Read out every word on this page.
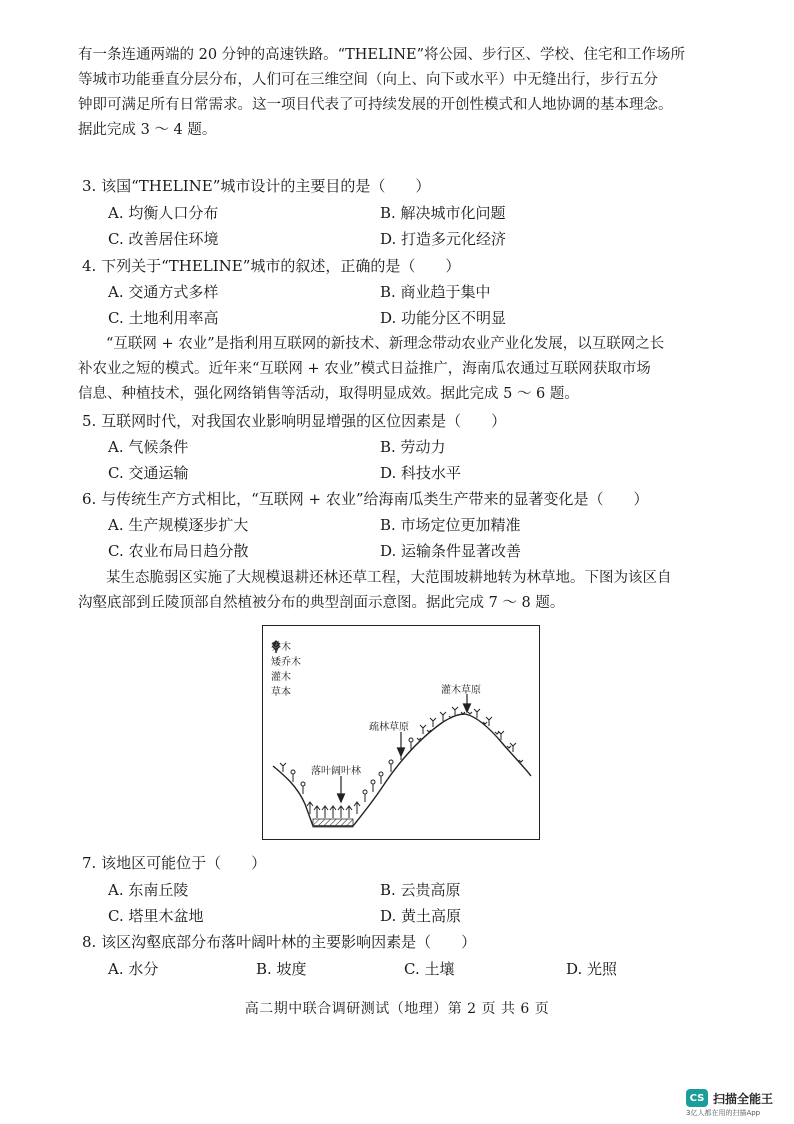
有一条连通两端的 20 分钟的高速铁路。“THELINE”将公园、步行区、学校、住宅和工作场所
等城市功能垂直分层分布，人们可在三维空间（向上、向下或水平）中无缝出行，步行五分
钟即可满足所有日常需求。这一项目代表了可持续发展的开创性模式和人地协调的基本理念。
据此完成 3 ～ 4 题。
3. 该国“THELINE”城市设计的主要目的是（　　）
A. 均衡人口分布	B. 解决城市化问题
C. 改善居住环境	D. 打造多元化经济
4. 下列关于“THELINE”城市的叙述，正确的是（　　）
A. 交通方式多样	B. 商业趋于集中
C. 土地利用率高	D. 功能分区不明显
“互联网 + 农业”是指利用互联网的新技术、新理念带动农业产业化发展，以互联网之长
补农业之短的模式。近年来“互联网 + 农业”模式日益推广，海南瓜农通过互联网获取市场
信息、种植技术，强化网络销售等活动，取得明显成效。据此完成 5 ～ 6 题。
5. 互联网时代，对我国农业影响明显增强的区位因素是（　　）
A. 气候条件	B. 劳动力
C. 交通运输	D. 科技水平
6. 与传统生产方式相比，“互联网 + 农业”给海南瓜类生产带来的显著变化是（　　）
A. 生产规模逐步扩大	B. 市场定位更加精准
C. 农业布局日趋分散	D. 运输条件显著改善
某生态脆弱区实施了大规模退耕还林还草工程，大范围坡耕地转为林草地。下图为该区自
沟壑底部到丘陵顶部自然植被分布的典型剖面示意图。据此完成 7 ～ 8 题。
乔木
矮乔木
灌木
草本
落叶阔叶林
疏林草原
灌木草原
7. 该地区可能位于（　　）
A. 东南丘陵	B. 云贵高原
C. 塔里木盆地	D. 黄土高原
8. 该区沟壑底部分布落叶阔叶林的主要影响因素是（　　）
A. 水分	B. 坡度	C. 土壤	D. 光照
高二期中联合调研测试（地理）第 2 页 共 6 页
CS 扫描全能王
3亿人都在用的扫描App
